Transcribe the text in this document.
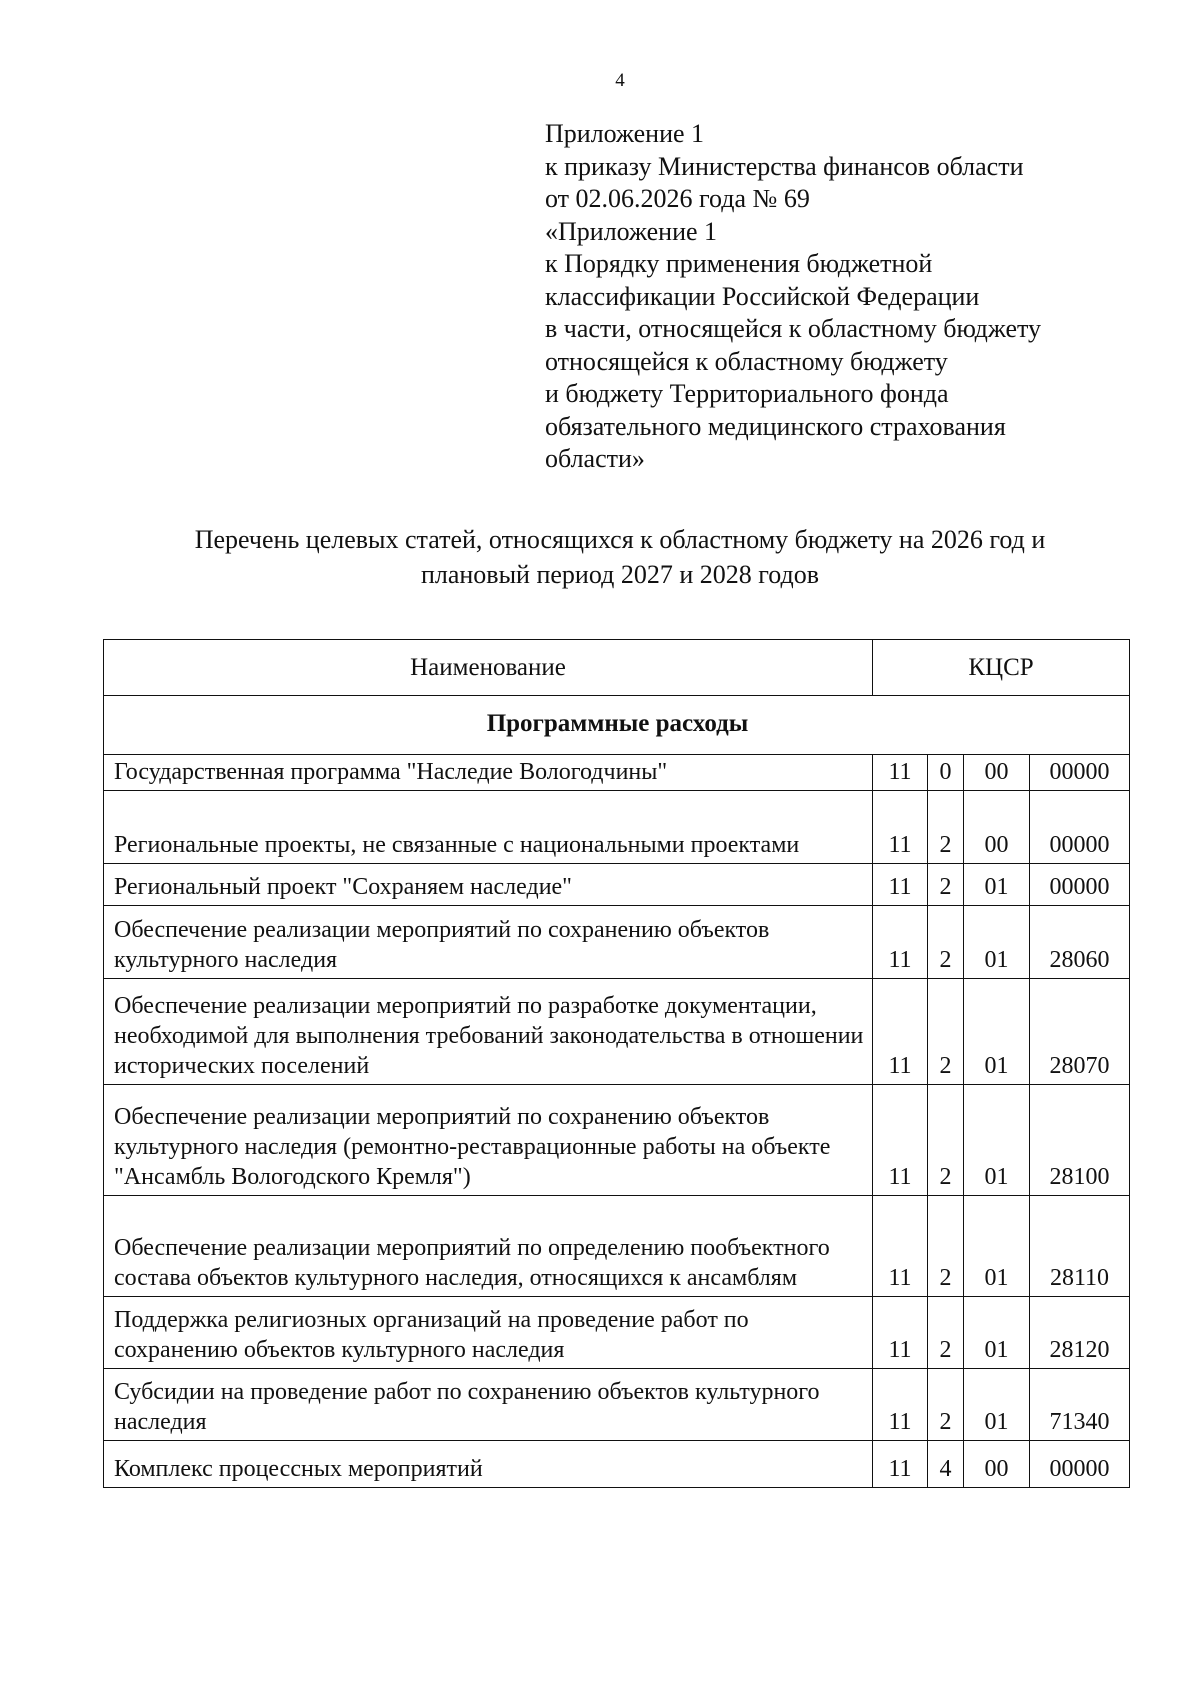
4
Приложение 1
к приказу Министерства финансов области
от 02.06.2026 года № 69
«Приложение 1
к Порядку применения бюджетной
классификации Российской Федерации
в части, относящейся к областному бюджету
относящейся к областному бюджету
и бюджету Территориального фонда
обязательного медицинского страхования
области»
Перечень целевых статей, относящихся к областному бюджету на 2026 год и
плановый период 2027 и 2028 годов
Наименование	КЦСР			
Программные расходы				
Государственная программа "Наследие Вологодчины"	11	0	00	00000
Региональные проекты, не связанные с национальными проектами	11	2	00	00000
Региональный проект "Сохраняем наследие"	11	2	01	00000
Обеспечение реализации мероприятий по сохранению объектов культурного наследия	11	2	01	28060
Обеспечение реализации мероприятий по разработке документации, необходимой для выполнения требований законодательства в отношении исторических поселений	11	2	01	28070
Обеспечение реализации мероприятий по сохранению объектов культурного наследия (ремонтно-реставрационные работы на объекте "Ансамбль Вологодского Кремля")	11	2	01	28100
Обеспечение реализации мероприятий по определению пообъектного состава объектов культурного наследия, относящихся к ансамблям	11	2	01	28110
Поддержка религиозных организаций на проведение работ по сохранению объектов культурного наследия	11	2	01	28120
Субсидии на проведение работ по сохранению объектов культурного наследия	11	2	01	71340
Комплекс процессных мероприятий	11	4	00	00000
